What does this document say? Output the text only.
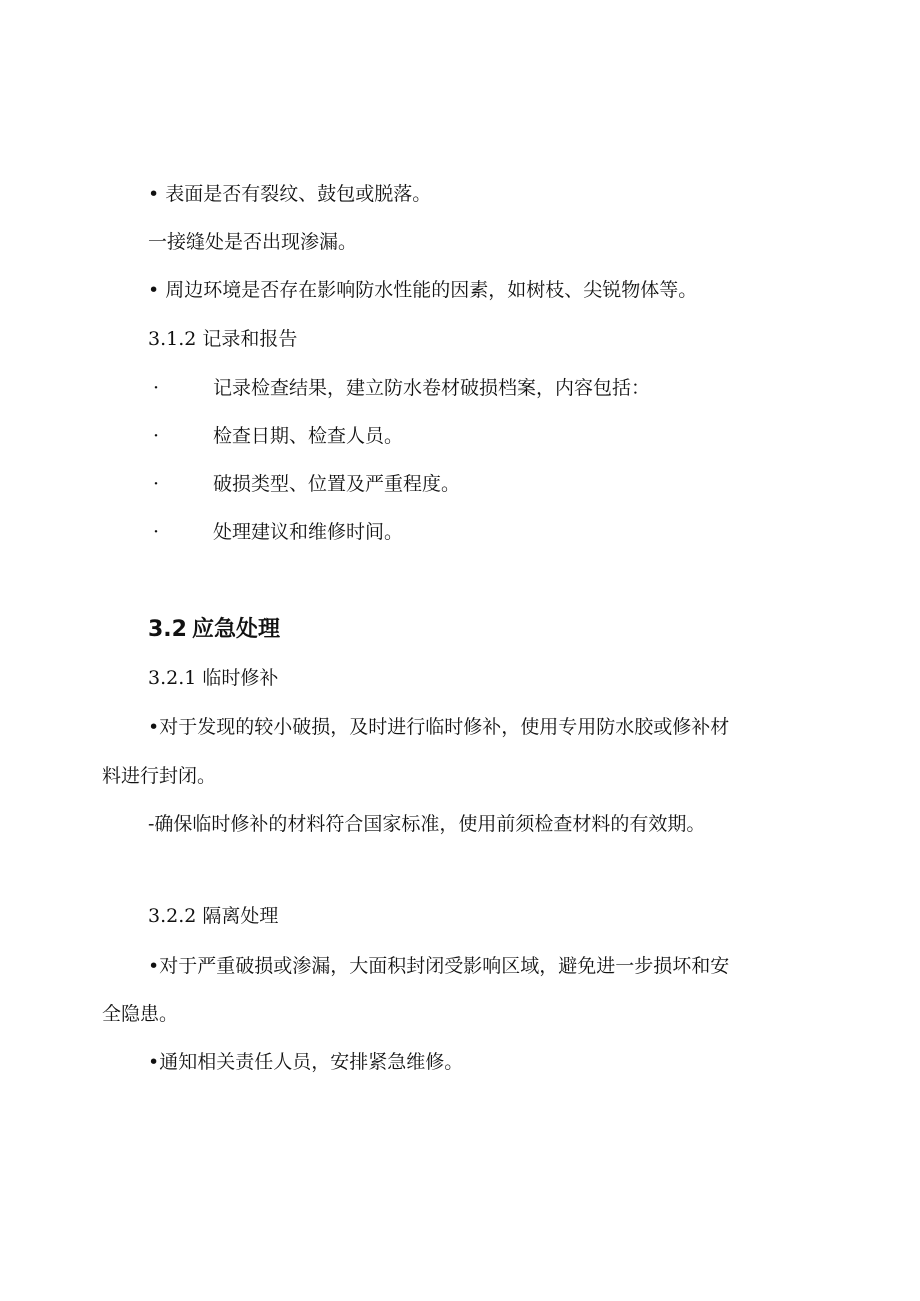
• 表面是否有裂纹、鼓包或脱落。
一接缝处是否出现渗漏。
• 周边环境是否存在影响防水性能的因素，如树枝、尖锐物体等。
3.1.2 记录和报告
·	记录检查结果，建立防水卷材破损档案，内容包括：
·	检查日期、检查人员。
·	破损类型、位置及严重程度。
·	处理建议和维修时间。
3.2 应急处理
3.2.1 临时修补
•对于发现的较小破损，及时进行临时修补，使用专用防水胶或修补材
料进行封闭。
-确保临时修补的材料符合国家标准，使用前须检查材料的有效期。
3.2.2 隔离处理
•对于严重破损或渗漏，大面积封闭受影响区域，避免进一步损坏和安
全隐患。
•通知相关责任人员，安排紧急维修。
